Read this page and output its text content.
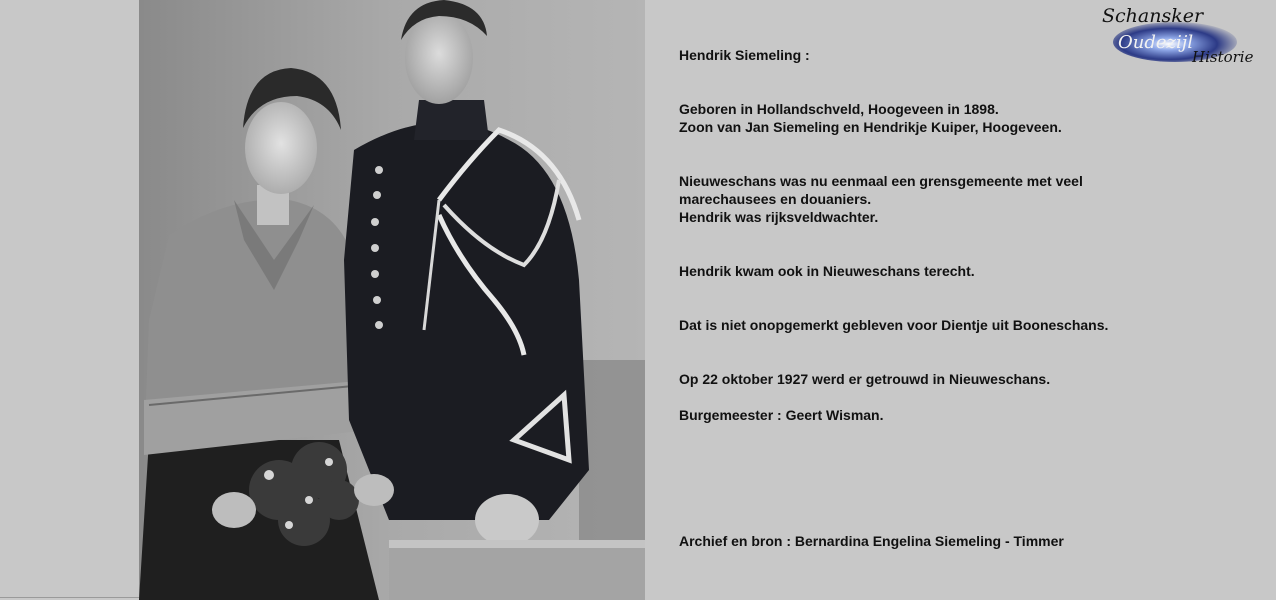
Schansker
Oudezijl
Historie

Hendrik Siemeling :

Geboren in Hollandschveld, Hoogeveen in 1898.

Zoon van Jan Siemeling en Hendrikje Kuiper, Hoogeveen.

Nieuweschans was nu eenmaal een grensgemeente met veel

marechausees en douaniers.

Hendrik was rijksveldwachter.

Hendrik kwam ook in Nieuweschans terecht.

Dat is niet onopgemerkt gebleven voor Dientje uit Booneschans.

Op 22 oktober 1927 werd er getrouwd in Nieuweschans.

Burgemeester : Geert Wisman.

Archief en bron : Bernardina Engelina Siemeling - Timmer
